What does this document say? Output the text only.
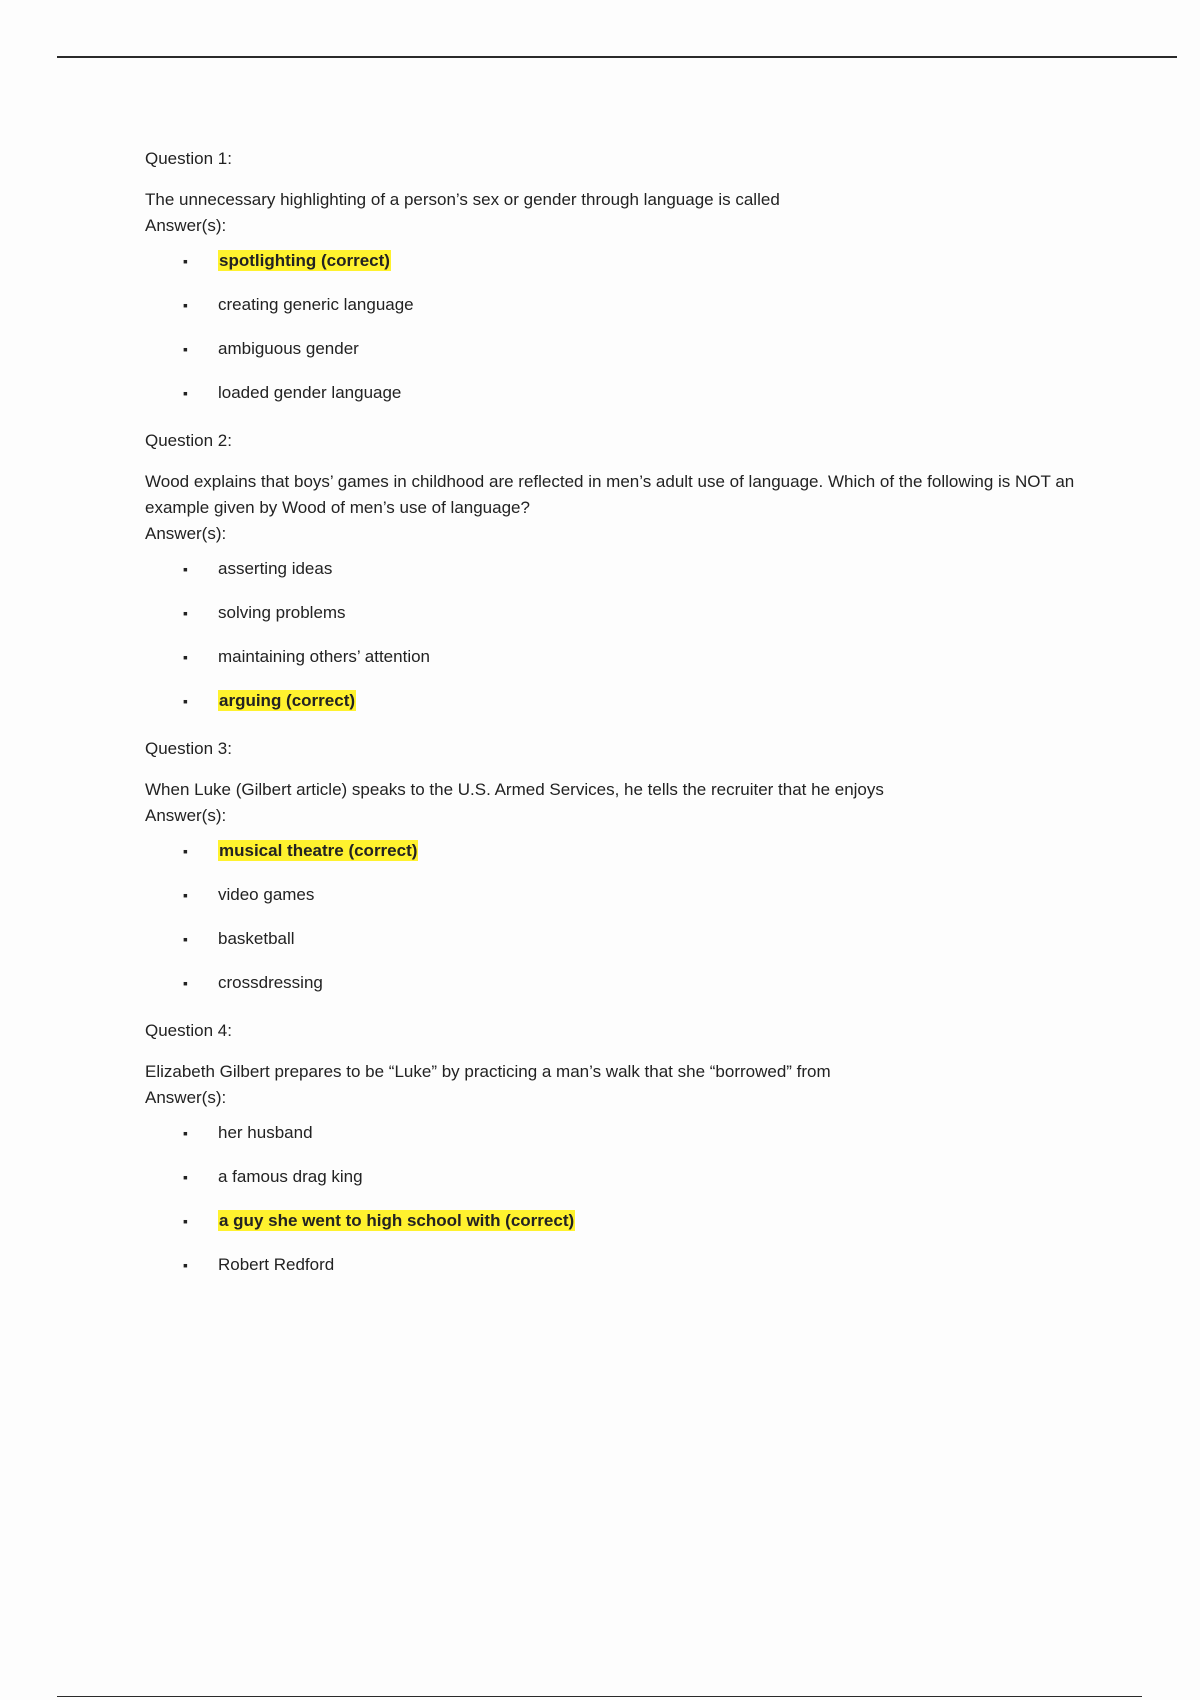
Question 1:

The unnecessary highlighting of a person’s sex or gender through language is called

Answer(s):

▪ spotlighting (correct)
▪ creating generic language
▪ ambiguous gender
▪ loaded gender language

Question 2:

Wood explains that boys’ games in childhood are reflected in men’s adult use of language. Which of the following is NOT an example given by Wood of men’s use of language?

Answer(s):

▪ asserting ideas
▪ solving problems
▪ maintaining others’ attention
▪ arguing (correct)

Question 3:

When Luke (Gilbert article) speaks to the U.S. Armed Services, he tells the recruiter that he enjoys

Answer(s):

▪ musical theatre (correct)
▪ video games
▪ basketball
▪ crossdressing

Question 4:

Elizabeth Gilbert prepares to be “Luke” by practicing a man’s walk that she “borrowed” from

Answer(s):

▪ her husband
▪ a famous drag king
▪ a guy she went to high school with (correct)
▪ Robert Redford
